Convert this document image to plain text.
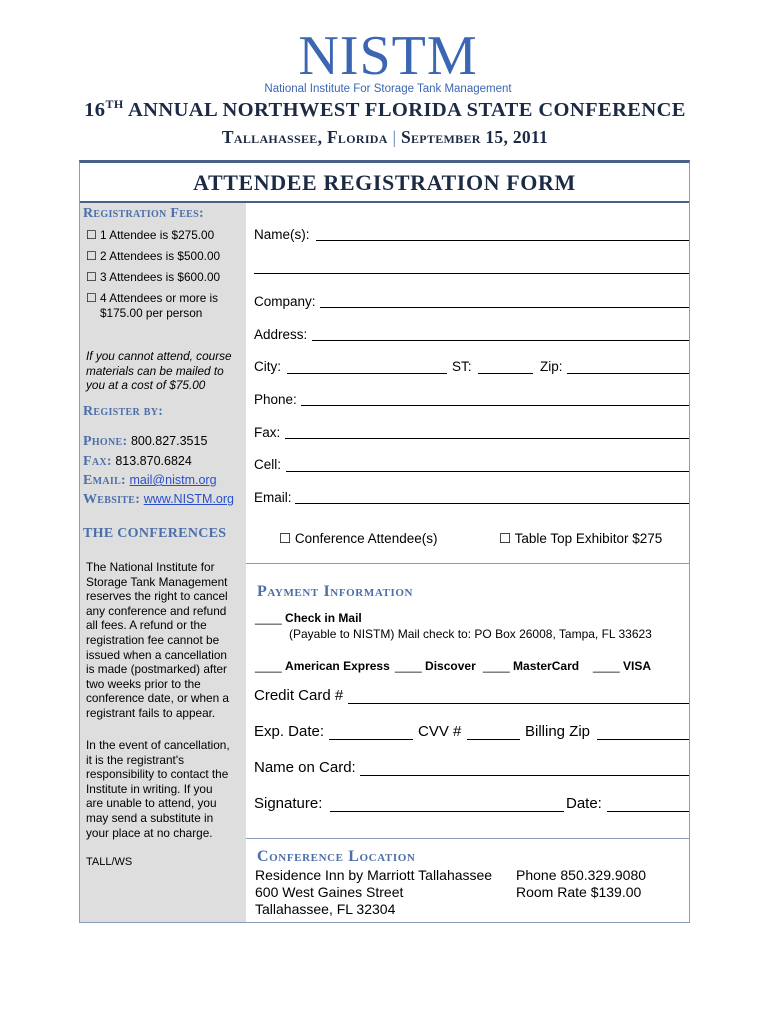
NISTM
National Institute For Storage Tank Management
16TH ANNUAL NORTHWEST FLORIDA STATE CONFERENCE
Tallahassee, Florida | September 15, 2011
ATTENDEE REGISTRATION FORM
Registration Fees:
☐ 1 Attendee is $275.00
☐ 2 Attendees is $500.00
☐ 3 Attendees is $600.00
☐ 4 Attendees or more is
$175.00 per person
If you cannot attend, course
materials can be mailed to
you at a cost of $75.00
Register by:
Phone: 800.827.3515
Fax: 813.870.6824
Email: mail@nistm.org
Website: www.NISTM.org
THE CONFERENCES
The National Institute for
Storage Tank Management
reserves the right to cancel
any conference and refund
all fees. A refund or the
registration fee cannot be
issued when a cancellation
is made (postmarked) after
two weeks prior to the
conference date, or when a
registrant fails to appear.
In the event of cancellation,
it is the registrant's
responsibility to contact the
Institute in writing. If you
are unable to attend, you
may send a substitute in
your place at no charge.
TALL/WS
Name(s):
Company:
Address:
City:	ST:	Zip:
Phone:
Fax:
Cell:
Email:
☐ Conference Attendee(s)	☐ Table Top Exhibitor $275
Payment Information
____ Check in Mail
(Payable to NISTM) Mail check to: PO Box 26008, Tampa, FL 33623
____ American Express ____ Discover ____ MasterCard ____ VISA
Credit Card #
Exp. Date:	CVV #	Billing Zip
Name on Card:
Signature:	Date:
Conference Location
Residence Inn by Marriott Tallahassee
600 West Gaines Street
Tallahassee, FL 32304
Phone 850.329.9080
Room Rate $139.00
